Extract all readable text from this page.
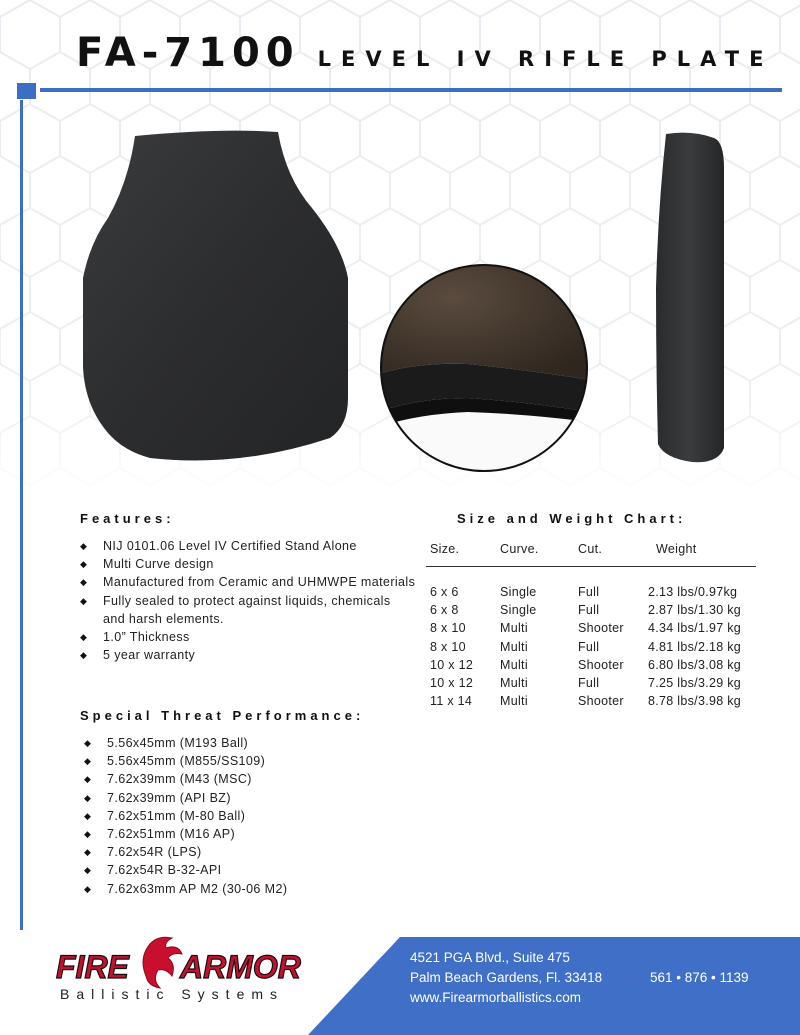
FA-7100 LEVEL IV RIFLE PLATE
Features:
◆ NIJ 0101.06 Level IV Certified Stand Alone
◆ Multi Curve design
◆ Manufactured from Ceramic and UHMWPE materials
◆ Fully sealed to protect against liquids, chemicals
and harsh elements.
◆ 1.0” Thickness
◆ 5 year warranty
Special Threat Performance:
◆ 5.56x45mm (M193 Ball)
◆ 5.56x45mm (M855/SS109)
◆ 7.62x39mm (M43 (MSC)
◆ 7.62x39mm (API BZ)
◆ 7.62x51mm (M-80 Ball)
◆ 7.62x51mm (M16 AP)
◆ 7.62x54R (LPS)
◆ 7.62x54R B-32-API
◆ 7.62x63mm AP M2 (30-06 M2)
Size and Weight Chart:
Size.	Curve.	Cut.	Weight

6 x 6	Single	Full	2.13 lbs/0.97kg
6 x 8	Single	Full	2.87 lbs/1.30 kg
8 x 10	Multi	Shooter	4.34 lbs/1.97 kg
8 x 10	Multi	Full	4.81 lbs/2.18 kg
10 x 12	Multi	Shooter	6.80 lbs/3.08 kg
10 x 12	Multi	Full	7.25 lbs/3.29 kg
11 x 14	Multi	Shooter	8.78 lbs/3.98 kg
FIRE ARMOR
Ballistic Systems
4521 PGA Blvd., Suite 475
Palm Beach Gardens, Fl. 33418
www.Firearmorballistics.com
561 • 876 • 1139
